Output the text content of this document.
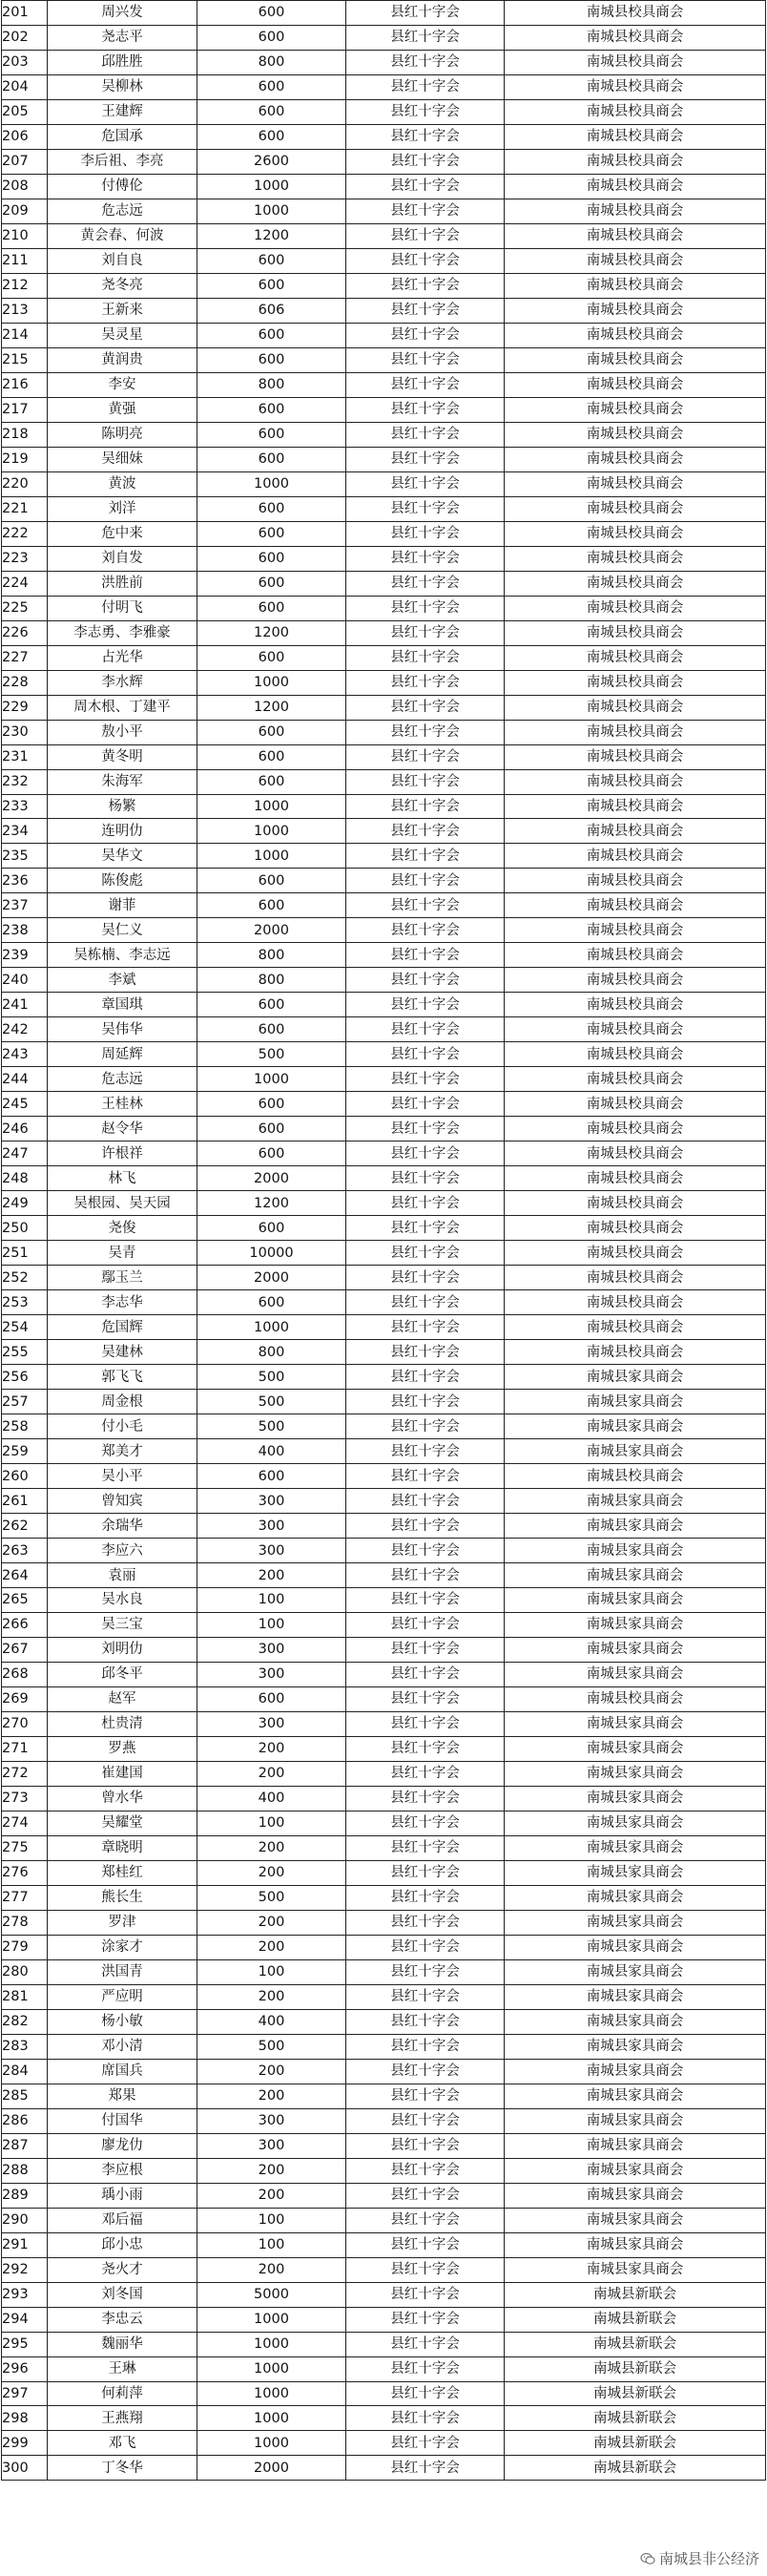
201	周兴发	600	县红十字会	南城县校具商会
202	尧志平	600	县红十字会	南城县校具商会
203	邱胜胜	800	县红十字会	南城县校具商会
204	吴柳林	600	县红十字会	南城县校具商会
205	王建辉	600	县红十字会	南城县校具商会
206	危国承	600	县红十字会	南城县校具商会
207	李后祖、李亮	2600	县红十字会	南城县校具商会
208	付傅伦	1000	县红十字会	南城县校具商会
209	危志远	1000	县红十字会	南城县校具商会
210	黄会春、何波	1200	县红十字会	南城县校具商会
211	刘自良	600	县红十字会	南城县校具商会
212	尧冬亮	600	县红十字会	南城县校具商会
213	王新来	606	县红十字会	南城县校具商会
214	吴灵星	600	县红十字会	南城县校具商会
215	黄润贵	600	县红十字会	南城县校具商会
216	李安	800	县红十字会	南城县校具商会
217	黄强	600	县红十字会	南城县校具商会
218	陈明亮	600	县红十字会	南城县校具商会
219	吴细妹	600	县红十字会	南城县校具商会
220	黄波	1000	县红十字会	南城县校具商会
221	刘洋	600	县红十字会	南城县校具商会
222	危中来	600	县红十字会	南城县校具商会
223	刘自发	600	县红十字会	南城县校具商会
224	洪胜前	600	县红十字会	南城县校具商会
225	付明飞	600	县红十字会	南城县校具商会
226	李志勇、李雅豪	1200	县红十字会	南城县校具商会
227	占光华	600	县红十字会	南城县校具商会
228	李水辉	1000	县红十字会	南城县校具商会
229	周木根、丁建平	1200	县红十字会	南城县校具商会
230	敖小平	600	县红十字会	南城县校具商会
231	黄冬明	600	县红十字会	南城县校具商会
232	朱海军	600	县红十字会	南城县校具商会
233	杨繁	1000	县红十字会	南城县校具商会
234	连明仂	1000	县红十字会	南城县校具商会
235	吴华文	1000	县红十字会	南城县校具商会
236	陈俊彪	600	县红十字会	南城县校具商会
237	谢菲	600	县红十字会	南城县校具商会
238	吴仁义	2000	县红十字会	南城县校具商会
239	吴栋楠、李志远	800	县红十字会	南城县校具商会
240	李斌	800	县红十字会	南城县校具商会
241	章国琪	600	县红十字会	南城县校具商会
242	吴伟华	600	县红十字会	南城县校具商会
243	周延辉	500	县红十字会	南城县校具商会
244	危志远	1000	县红十字会	南城县校具商会
245	王桂林	600	县红十字会	南城县校具商会
246	赵令华	600	县红十字会	南城县校具商会
247	许根祥	600	县红十字会	南城县校具商会
248	林飞	2000	县红十字会	南城县校具商会
249	吴根园、吴天园	1200	县红十字会	南城县校具商会
250	尧俊	600	县红十字会	南城县校具商会
251	吴青	10000	县红十字会	南城县校具商会
252	鄢玉兰	2000	县红十字会	南城县校具商会
253	李志华	600	县红十字会	南城县校具商会
254	危国辉	1000	县红十字会	南城县校具商会
255	吴建林	800	县红十字会	南城县校具商会
256	郭飞飞	500	县红十字会	南城县家具商会
257	周金根	500	县红十字会	南城县家具商会
258	付小毛	500	县红十字会	南城县家具商会
259	郑美才	400	县红十字会	南城县家具商会
260	吴小平	600	县红十字会	南城县校具商会
261	曾知宾	300	县红十字会	南城县家具商会
262	余瑞华	300	县红十字会	南城县家具商会
263	李应六	300	县红十字会	南城县家具商会
264	袁丽	200	县红十字会	南城县家具商会
265	吴水良	100	县红十字会	南城县家具商会
266	吴三宝	100	县红十字会	南城县家具商会
267	刘明仂	300	县红十字会	南城县家具商会
268	邱冬平	300	县红十字会	南城县家具商会
269	赵军	600	县红十字会	南城县校具商会
270	杜贵清	300	县红十字会	南城县家具商会
271	罗燕	200	县红十字会	南城县家具商会
272	崔建国	200	县红十字会	南城县家具商会
273	曾水华	400	县红十字会	南城县家具商会
274	吴耀堂	100	县红十字会	南城县家具商会
275	章晓明	200	县红十字会	南城县家具商会
276	郑桂红	200	县红十字会	南城县家具商会
277	熊长生	500	县红十字会	南城县家具商会
278	罗津	200	县红十字会	南城县家具商会
279	涂家才	200	县红十字会	南城县家具商会
280	洪国青	100	县红十字会	南城县家具商会
281	严应明	200	县红十字会	南城县家具商会
282	杨小敏	400	县红十字会	南城县家具商会
283	邓小清	500	县红十字会	南城县家具商会
284	席国兵	200	县红十字会	南城县家具商会
285	郑果	200	县红十字会	南城县家具商会
286	付国华	300	县红十字会	南城县家具商会
287	廖龙仂	300	县红十字会	南城县家具商会
288	李应根	200	县红十字会	南城县家具商会
289	瑀小雨	200	县红十字会	南城县家具商会
290	邓后福	100	县红十字会	南城县家具商会
291	邱小忠	100	县红十字会	南城县家具商会
292	尧火才	200	县红十字会	南城县家具商会
293	刘冬国	5000	县红十字会	南城县新联会
294	李忠云	1000	县红十字会	南城县新联会
295	魏丽华	1000	县红十字会	南城县新联会
296	王琳	1000	县红十字会	南城县新联会
297	何莉萍	1000	县红十字会	南城县新联会
298	王燕翔	1000	县红十字会	南城县新联会
299	邓飞	1000	县红十字会	南城县新联会
300	丁冬华	2000	县红十字会	南城县新联会
南城县非公经济
